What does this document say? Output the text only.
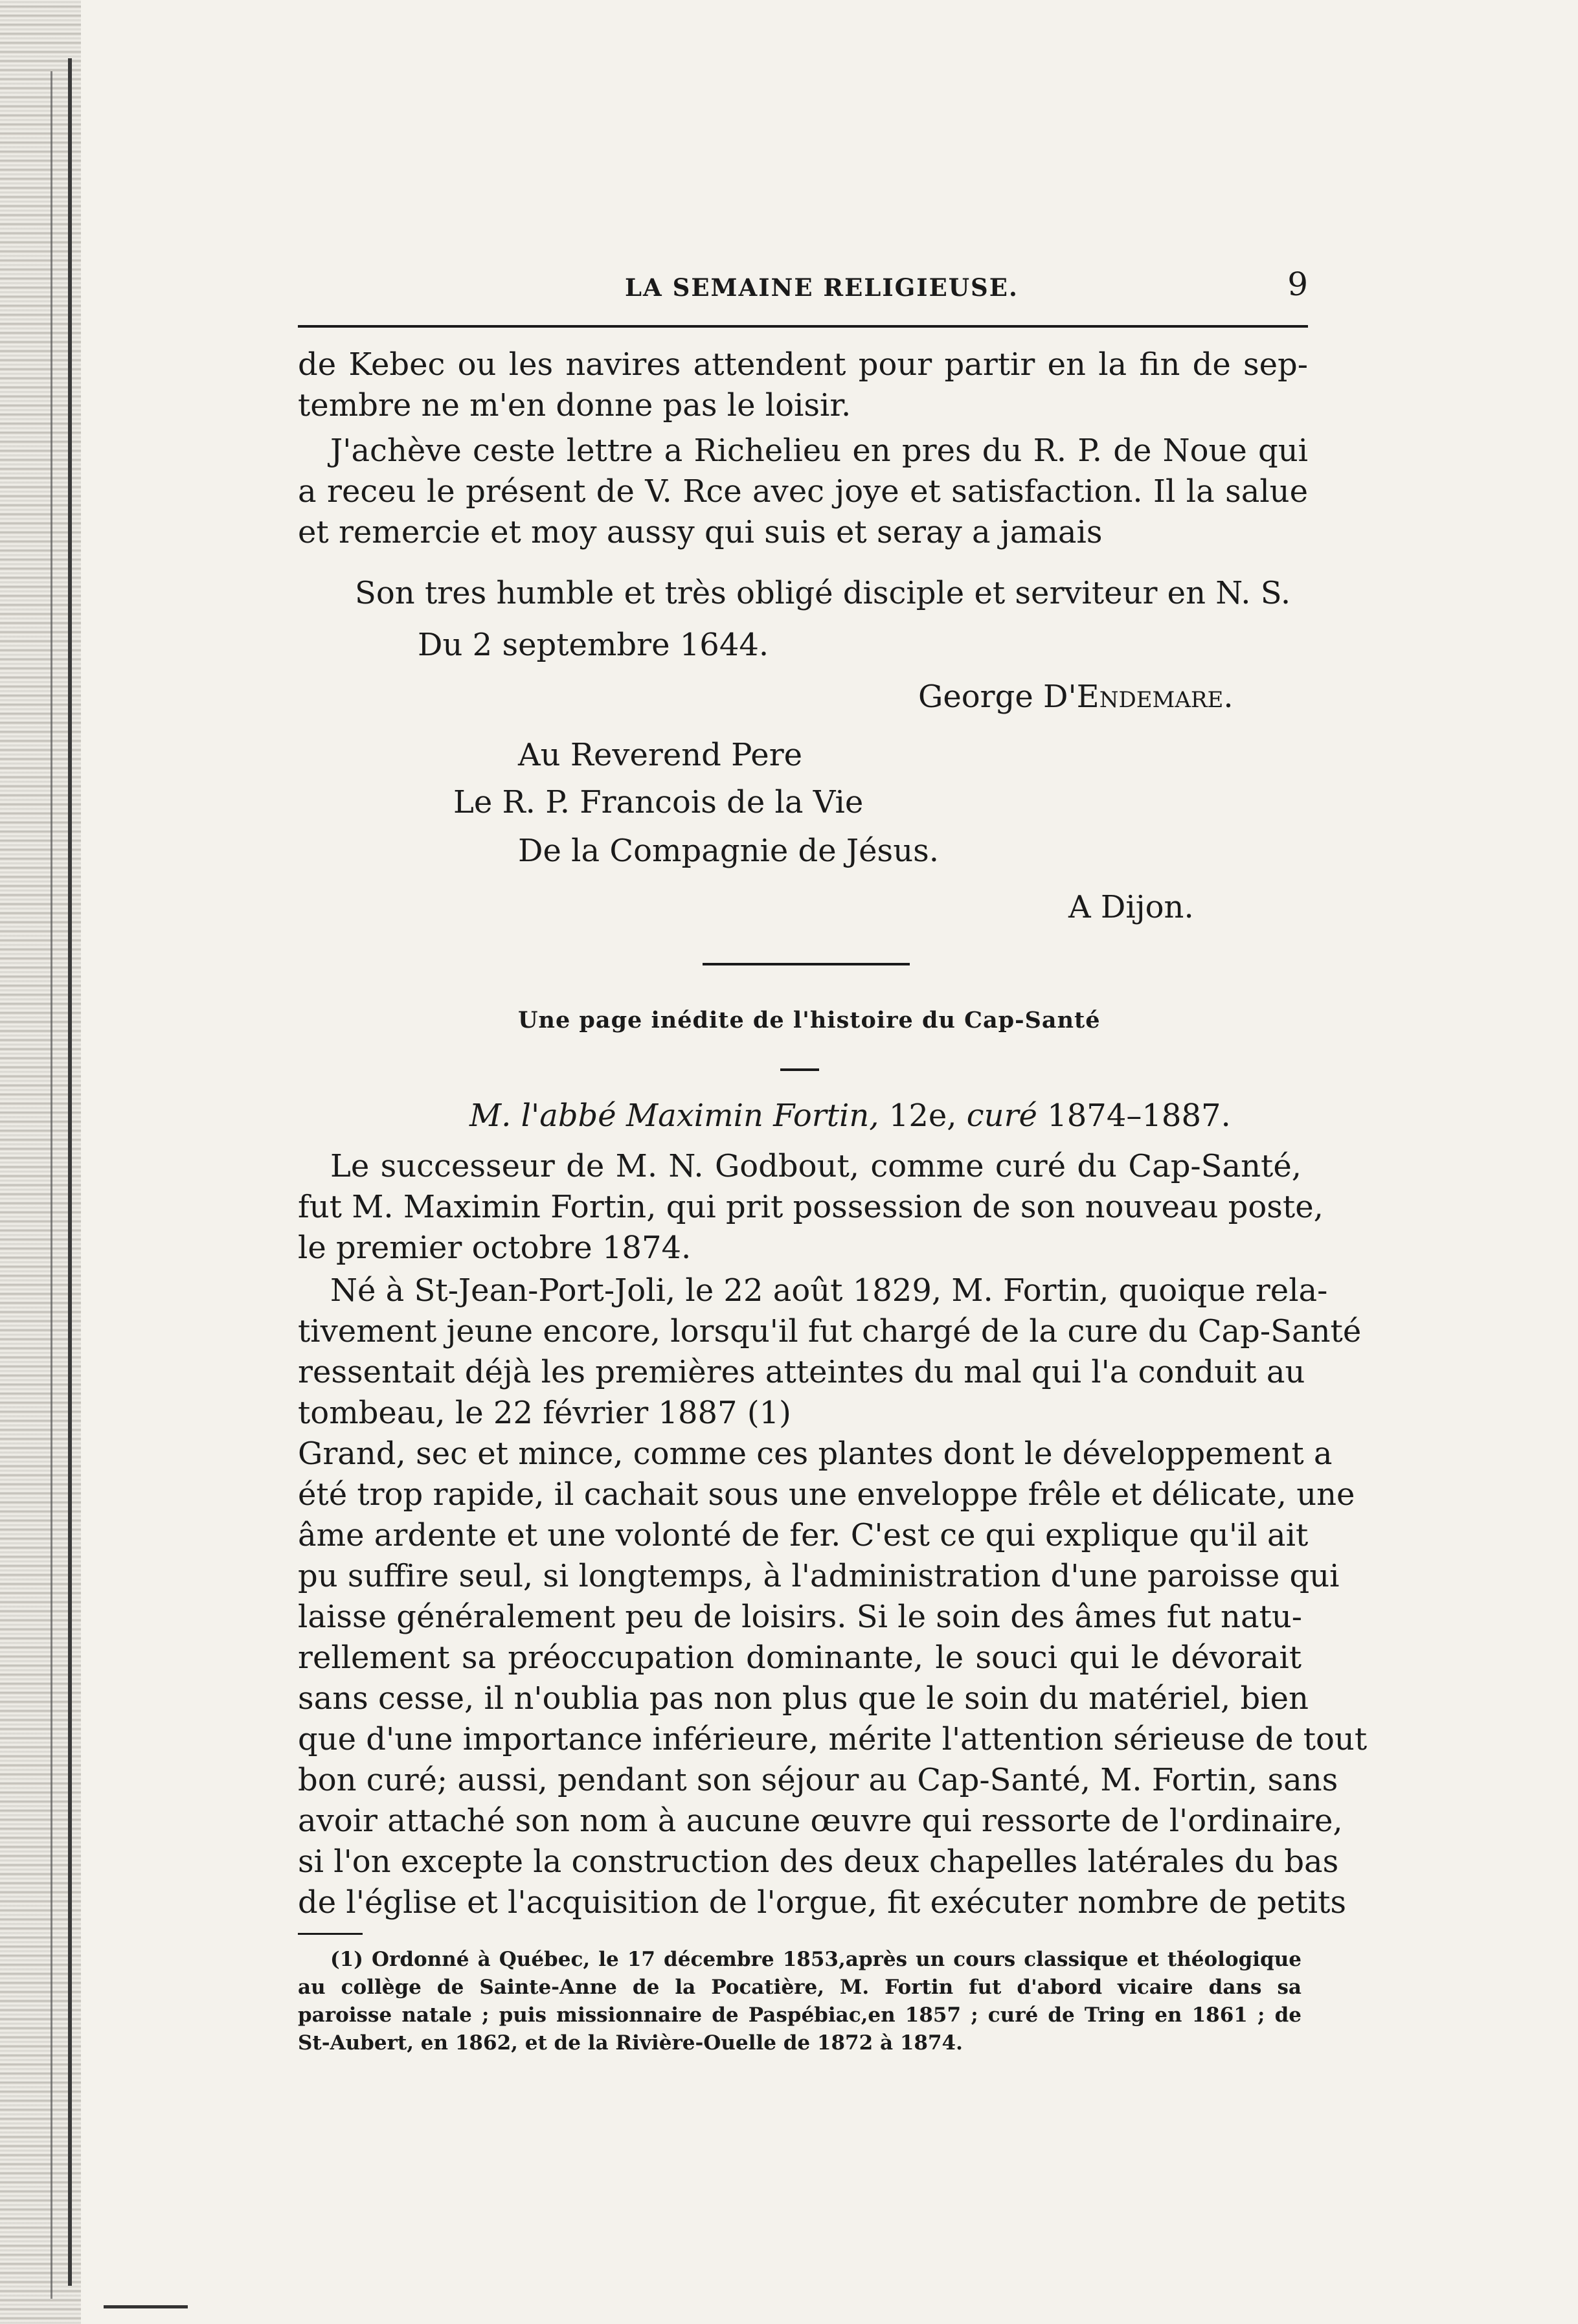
LA SEMAINE RELIGIEUSE.	9

de Kebec ou les navires attendent pour partir en la fin de sep-

tembre ne m'en donne pas le loisir.

J'achève ceste lettre a Richelieu en pres du R. P. de Noue qui

a receu le présent de V. Rce avec joye et satisfaction. Il la salue

et remercie et moy aussy qui suis et seray a jamais

Son tres humble et très obligé disciple et serviteur en N. S.

Du 2 septembre 1644.

George D'Endemare.

Au Reverend Pere

Le R. P. Francois de la Vie

De la Compagnie de Jésus.

A Dijon.

Une page inédite de l'histoire du Cap-Santé

M. l'abbé Maximin Fortin, 12e, curé 1874–1887.

Le successeur de M. N. Godbout, comme curé du Cap-Santé,

fut M. Maximin Fortin, qui prit possession de son nouveau poste,

le premier octobre 1874.

Né à St-Jean-Port-Joli, le 22 août 1829, M. Fortin, quoique rela-

tivement jeune encore, lorsqu'il fut chargé de la cure du Cap-Santé

ressentait déjà les premières atteintes du mal qui l'a conduit au

tombeau, le 22 février 1887 (1)

Grand, sec et mince, comme ces plantes dont le développement a

été trop rapide, il cachait sous une enveloppe frêle et délicate, une

âme ardente et une volonté de fer. C'est ce qui explique qu'il ait

pu suffire seul, si longtemps, à l'administration d'une paroisse qui

laisse généralement peu de loisirs. Si le soin des âmes fut natu-

rellement sa préoccupation dominante, le souci qui le dévorait

sans cesse, il n'oublia pas non plus que le soin du matériel, bien

que d'une importance inférieure, mérite l'attention sérieuse de tout

bon curé; aussi, pendant son séjour au Cap-Santé, M. Fortin, sans

avoir attaché son nom à aucune œuvre qui ressorte de l'ordinaire,

si l'on excepte la construction des deux chapelles latérales du bas

de l'église et l'acquisition de l'orgue, fit exécuter nombre de petits

(1) Ordonné à Québec, le 17 décembre 1853,après un cours classique et théologique

au collège de Sainte-Anne de la Pocatière, M. Fortin fut d'abord vicaire dans sa

paroisse natale ; puis missionnaire de Paspébiac,en 1857 ; curé de Tring en 1861 ; de

St-Aubert, en 1862, et de la Rivière-Ouelle de 1872 à 1874.
